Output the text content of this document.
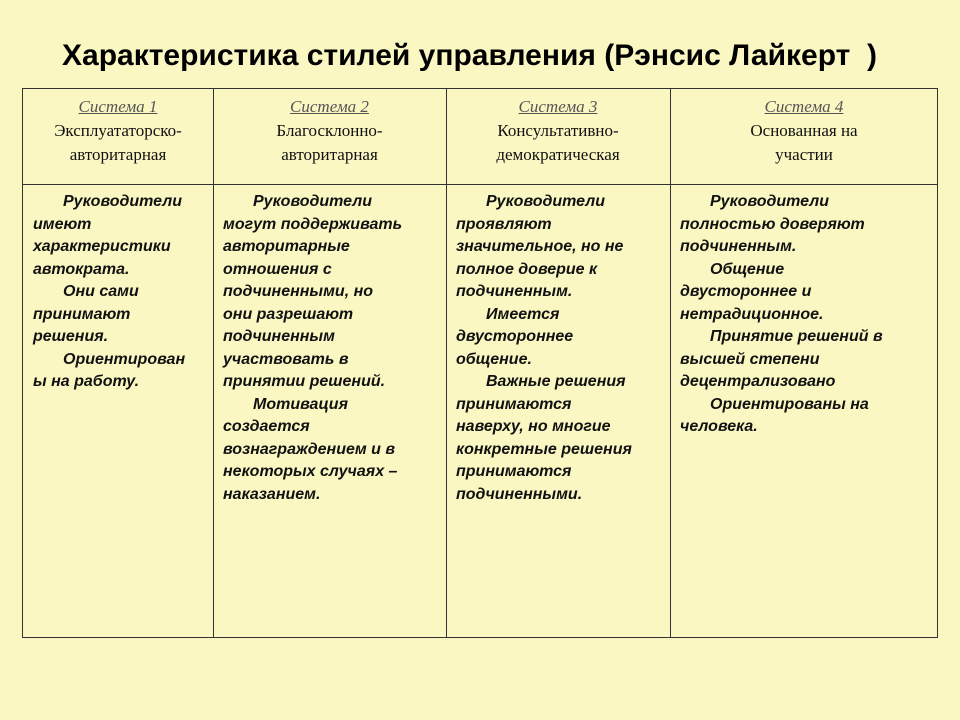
Характеристика стилей управления (Рэнсис Лайкерт  )
Система 1
Эксплуататорско-
авторитарная
Система 2
Благосклонно-
авторитарная
Система 3
Консультативно-
демократическая
Система 4
Основанная на
участии

Руководители
имеют
характеристики
автократа.

Они сами
принимают
решения.

Ориентирован
ы на работу.

Руководители
могут поддерживать
авторитарные
отношения с
подчиненными, но
они разрешают
подчиненным
участвовать в
принятии решений.

Мотивация
создается
вознаграждением и в
некоторых случаях –
наказанием.

Руководители
проявляют
значительное, но не
полное доверие к
подчиненным.

Имеется
двустороннее
общение.

Важные решения
принимаются
наверху, но многие
конкретные решения
принимаются
подчиненными.

Руководители
полностью доверяют
подчиненным.

Общение
двустороннее и
нетрадиционное.

Принятие решений в
высшей степени
децентрализовано

Ориентированы на
человека.
